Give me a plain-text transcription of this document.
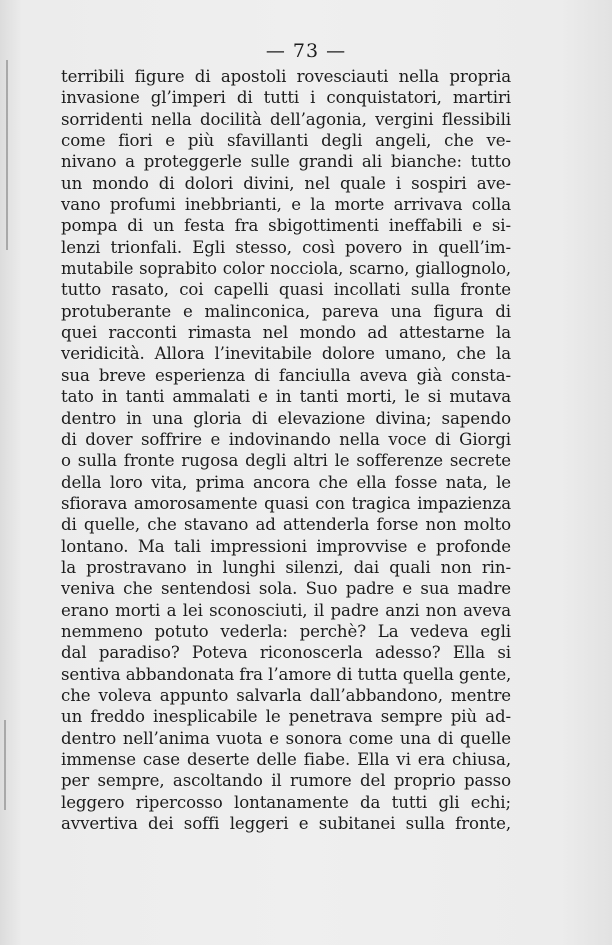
— 73 —
terribili figure di apostoli rovesciauti nella propria
invasione gl’imperi di tutti i conquistatori, martiri
sorridenti nella docilità dell’agonia, vergini flessibili
come fiori e più sfavillanti degli angeli, che ve-
nivano a proteggerle sulle grandi ali bianche: tutto
un mondo di dolori divini, nel quale i sospiri ave-
vano profumi inebbrianti, e la morte arrivava colla
pompa di un festa fra sbigottimenti ineffabili e si-
lenzi trionfali. Egli stesso, così povero in quell’im-
mutabile soprabito color nocciola, scarno, giallognolo,
tutto rasato, coi capelli quasi incollati sulla fronte
protuberante e malinconica, pareva una figura di
quei racconti rimasta nel mondo ad attestarne la
veridicità. Allora l’inevitabile dolore umano, che la
sua breve esperienza di fanciulla aveva già consta-
tato in tanti ammalati e in tanti morti, le si mutava
dentro in una gloria di elevazione divina; sapendo
di dover soffrire e indovinando nella voce di Giorgi
o sulla fronte rugosa degli altri le sofferenze secrete
della loro vita, prima ancora che ella fosse nata, le
sfiorava amorosamente quasi con tragica impazienza
di quelle, che stavano ad attenderla forse non molto
lontano. Ma tali impressioni improvvise e profonde
la prostravano in lunghi silenzi, dai quali non rin-
veniva che sentendosi sola. Suo padre e sua madre
erano morti a lei sconosciuti, il padre anzi non aveva
nemmeno potuto vederla: perchè? La vedeva egli
dal paradiso? Poteva riconoscerla adesso? Ella si
sentiva abbandonata fra l’amore di tutta quella gente,
che voleva appunto salvarla dall’abbandono, mentre
un freddo inesplicabile le penetrava sempre più ad-
dentro nell’anima vuota e sonora come una di quelle
immense case deserte delle fiabe. Ella vi era chiusa,
per sempre, ascoltando il rumore del proprio passo
leggero ripercosso lontanamente da tutti gli echi;
avvertiva dei soffi leggeri e subitanei sulla fronte,
